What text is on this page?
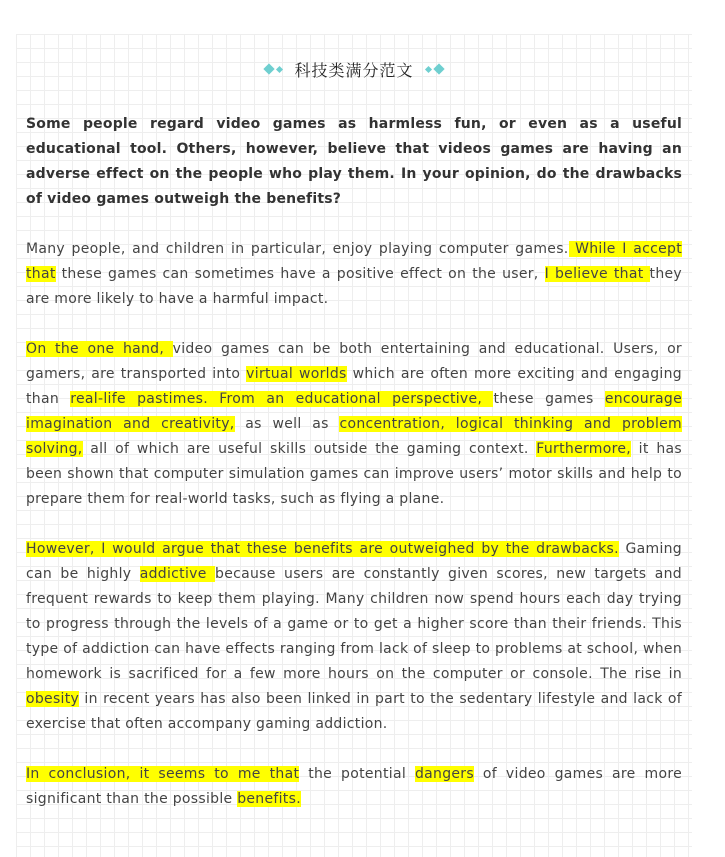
科技类满分范文

Some people regard video games as harmless fun, or even as a useful educational tool. Others, however, believe that videos games are having an adverse effect on the people who play them. In your opinion, do the drawbacks of video games outweigh the benefits?

Many people, and children in particular, enjoy playing computer games. While I accept that these games can sometimes have a positive effect on the user, I believe that they are more likely to have a harmful impact.

On the one hand, video games can be both entertaining and educational. Users, or gamers, are transported into virtual worlds which are often more exciting and engaging than real-life pastimes. From an educational perspective, these games encourage imagination and creativity, as well as concentration, logical thinking and problem solving, all of which are useful skills outside the gaming context. Furthermore, it has been shown that computer simulation games can improve users’ motor skills and help to prepare them for real-world tasks, such as flying a plane.

However, I would argue that these benefits are outweighed by the drawbacks. Gaming can be highly addictive because users are constantly given scores, new targets and frequent rewards to keep them playing. Many children now spend hours each day trying to progress through the levels of a game or to get a higher score than their friends. This type of addiction can have effects ranging from lack of sleep to problems at school, when homework is sacrificed for a few more hours on the computer or console. The rise in obesity in recent years has also been linked in part to the sedentary lifestyle and lack of exercise that often accompany gaming addiction.

In conclusion, it seems to me that the potential dangers of video games are more significant than the possible benefits.
